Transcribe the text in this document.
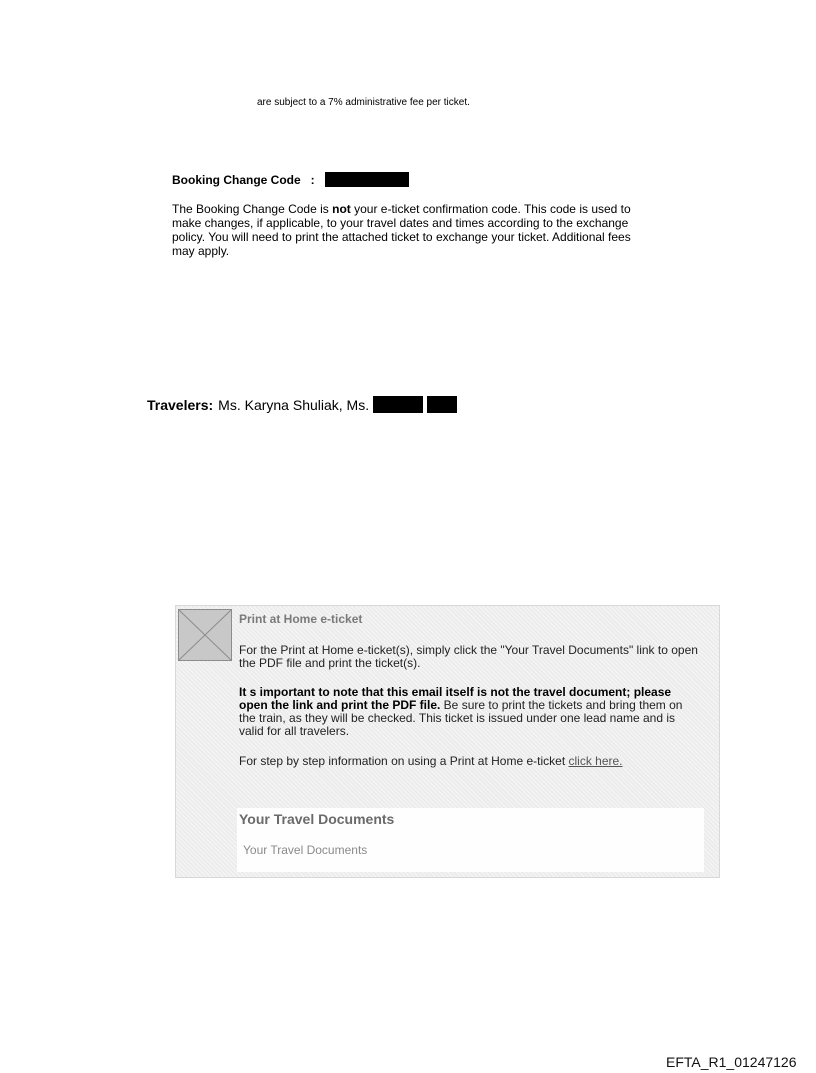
are subject to a 7% administrative fee per ticket.
Booking Change Code :
The Booking Change Code is not your e-ticket confirmation code. This code is used to make changes, if applicable, to your travel dates and times according to the exchange policy. You will need to print the attached ticket to exchange your ticket. Additional fees may apply.
Travelers: Ms. Karyna Shuliak, Ms.
Print at Home e-ticket
For the Print at Home e-ticket(s), simply click the "Your Travel Documents" link to open the PDF file and print the ticket(s).
It s important to note that this email itself is not the travel document; please open the link and print the PDF file. Be sure to print the tickets and bring them on the train, as they will be checked. This ticket is issued under one lead name and is valid for all travelers.
For step by step information on using a Print at Home e-ticket click here.
Your Travel Documents
Your Travel Documents
EFTA_R1_01247126
